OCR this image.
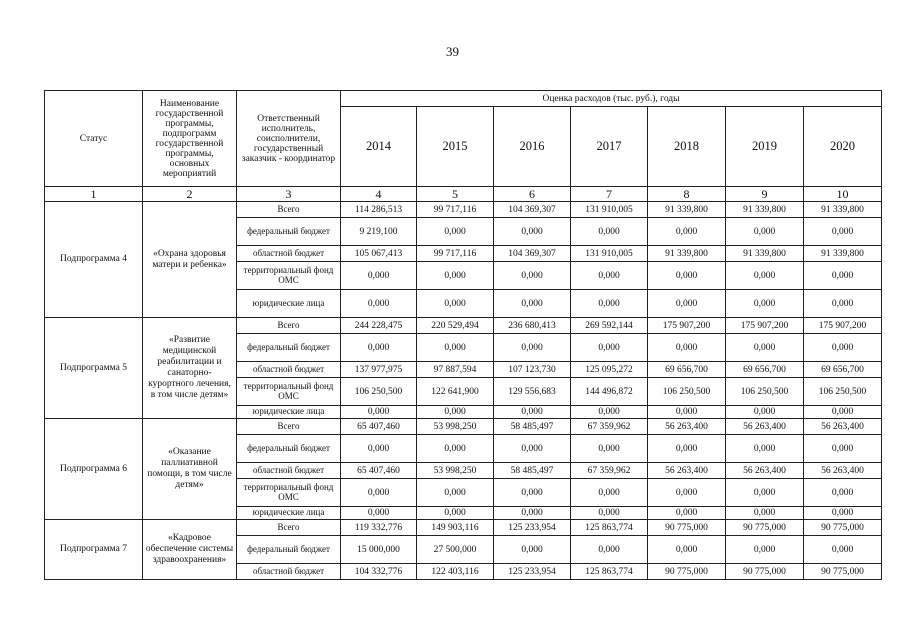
39
Статус	Наименование государственной программы, подпрограмм государственной программы, основных мероприятий	Ответственный исполнитель, соисполнители, государственный заказчик - координатор	Оценка расходов (тыс. руб.), годы						
			2014	2015	2016	2017	2018	2019	2020
1	2	3	4	5	6	7	8	9	10
Подпрограмма 4	«Охрана здоровья матери и ребенка»	Всего	114 286,513	99 717,116	104 369,307	131 910,005	91 339,800	91 339,800	91 339,800
		федеральный бюджет	9 219,100	0,000	0,000	0,000	0,000	0,000	0,000
		областной бюджет	105 067,413	99 717,116	104 369,307	131 910,005	91 339,800	91 339,800	91 339,800
		территориальный фонд ОМС	0,000	0,000	0,000	0,000	0,000	0,000	0,000
		юридические лица	0,000	0,000	0,000	0,000	0,000	0,000	0,000
Подпрограмма 5	«Развитие медицинской реабилитации и санаторно-курортного лечения, в том числе детям»	Всего	244 228,475	220 529,494	236 680,413	269 592,144	175 907,200	175 907,200	175 907,200
		федеральный бюджет	0,000	0,000	0,000	0,000	0,000	0,000	0,000
		областной бюджет	137 977,975	97 887,594	107 123,730	125 095,272	69 656,700	69 656,700	69 656,700
		территориальный фонд ОМС	106 250,500	122 641,900	129 556,683	144 496,872	106 250,500	106 250,500	106 250,500
		юридические лица	0,000	0,000	0,000	0,000	0,000	0,000	0,000
Подпрограмма 6	«Оказание паллиативной помощи, в том числе детям»	Всего	65 407,460	53 998,250	58 485,497	67 359,962	56 263,400	56 263,400	56 263,400
		федеральный бюджет	0,000	0,000	0,000	0,000	0,000	0,000	0,000
		областной бюджет	65 407,460	53 998,250	58 485,497	67 359,962	56 263,400	56 263,400	56 263,400
		территориальный фонд ОМС	0,000	0,000	0,000	0,000	0,000	0,000	0,000
		юридические лица	0,000	0,000	0,000	0,000	0,000	0,000	0,000
Подпрограмма 7	«Кадровое обеспечение системы здравоохранения»	Всего	119 332,776	149 903,116	125 233,954	125 863,774	90 775,000	90 775,000	90 775,000
		федеральный бюджет	15 000,000	27 500,000	0,000	0,000	0,000	0,000	0,000
		областной бюджет	104 332,776	122 403,116	125 233,954	125 863,774	90 775,000	90 775,000	90 775,000
